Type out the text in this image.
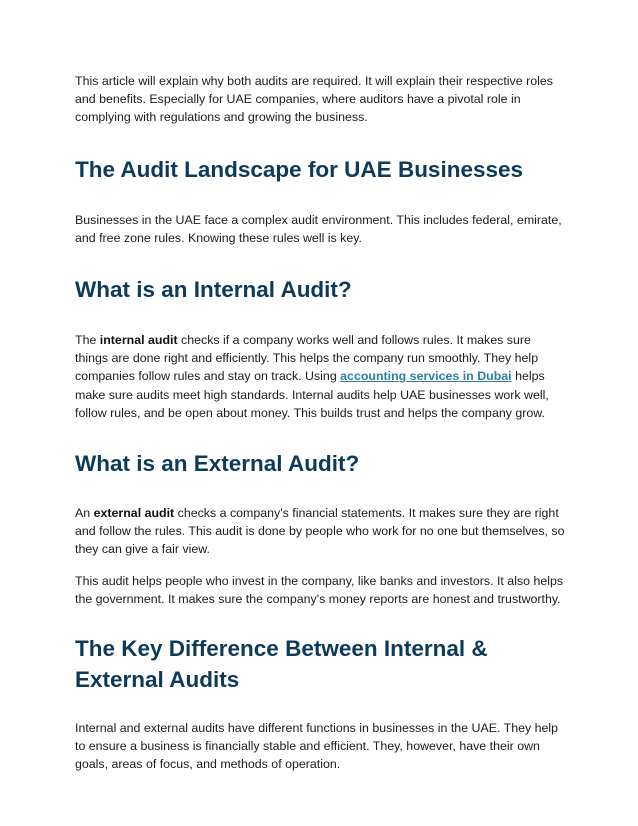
This article will explain why both audits are required. It will explain their respective roles and benefits. Especially for UAE companies, where auditors have a pivotal role in complying with regulations and growing the business.

The Audit Landscape for UAE Businesses

Businesses in the UAE face a complex audit environment. This includes federal, emirate, and free zone rules. Knowing these rules well is key.

What is an Internal Audit?

The internal audit checks if a company works well and follows rules. It makes sure things are done right and efficiently. This helps the company run smoothly. They help companies follow rules and stay on track. Using accounting services in Dubai helps make sure audits meet high standards. Internal audits help UAE businesses work well, follow rules, and be open about money. This builds trust and helps the company grow.

What is an External Audit?

An external audit checks a company's financial statements. It makes sure they are right and follow the rules. This audit is done by people who work for no one but themselves, so they can give a fair view.

This audit helps people who invest in the company, like banks and investors. It also helps the government. It makes sure the company's money reports are honest and trustworthy.

The Key Difference Between Internal & External Audits

Internal and external audits have different functions in businesses in the UAE. They help to ensure a business is financially stable and efficient. They, however, have their own goals, areas of focus, and methods of operation.
